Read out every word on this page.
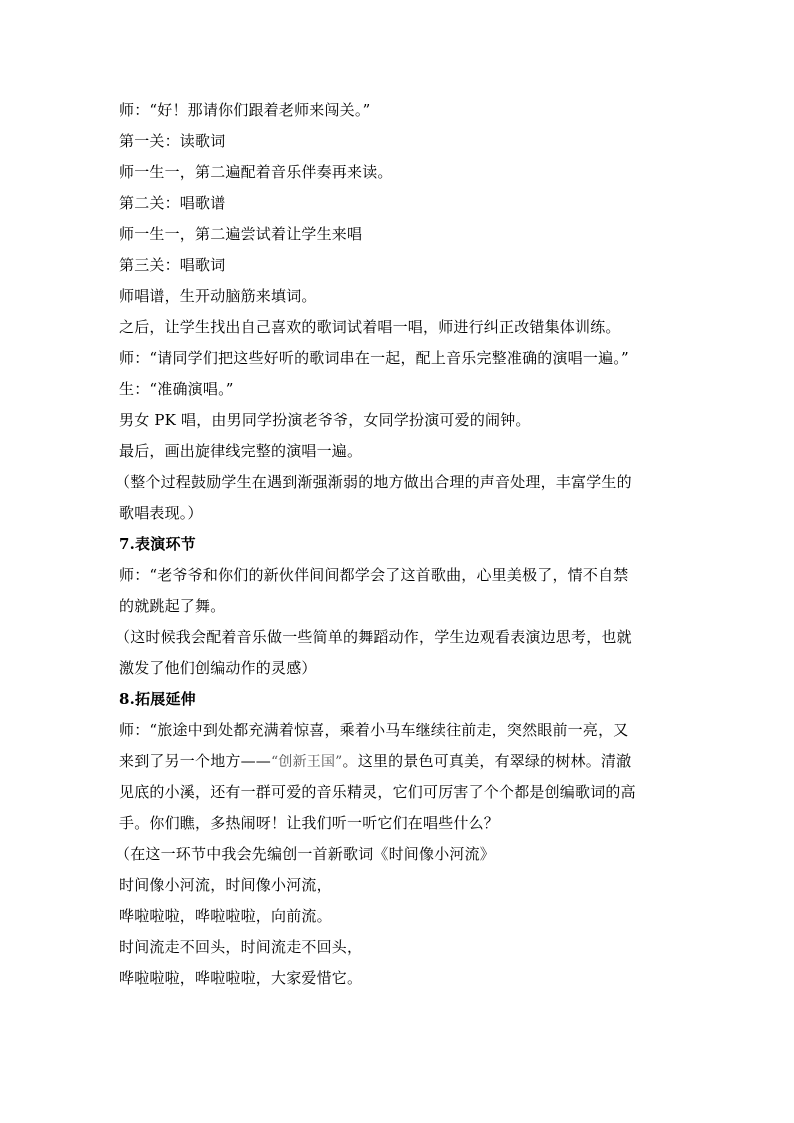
师：“好！那请你们跟着老师来闯关。”
第一关：读歌词
师一生一，第二遍配着音乐伴奏再来读。
第二关：唱歌谱
师一生一，第二遍尝试着让学生来唱
第三关：唱歌词
师唱谱，生开动脑筋来填词。
之后，让学生找出自己喜欢的歌词试着唱一唱，师进行纠正改错集体训练。
师：“请同学们把这些好听的歌词串在一起，配上音乐完整准确的演唱一遍。”
生：“准确演唱。”
男女 PK 唱，由男同学扮演老爷爷，女同学扮演可爱的闹钟。
最后，画出旋律线完整的演唱一遍。
（整个过程鼓励学生在遇到渐强渐弱的地方做出合理的声音处理，丰富学生的
歌唱表现。）
7.表演环节
师：“老爷爷和你们的新伙伴间间都学会了这首歌曲，心里美极了，情不自禁
的就跳起了舞。
（这时候我会配着音乐做一些简单的舞蹈动作，学生边观看表演边思考，也就
激发了他们创编动作的灵感）
8.拓展延伸
师：“旅途中到处都充满着惊喜，乘着小马车继续往前走，突然眼前一亮，又
来到了另一个地方——“创新王国”。这里的景色可真美，有翠绿的树林。清澈
见底的小溪，还有一群可爱的音乐精灵，它们可厉害了个个都是创编歌词的高
手。你们瞧，多热闹呀！让我们听一听它们在唱些什么？
（在这一环节中我会先编创一首新歌词《时间像小河流》
时间像小河流，时间像小河流，
哗啦啦啦，哗啦啦啦，向前流。
时间流走不回头，时间流走不回头，
哗啦啦啦，哗啦啦啦，大家爱惜它。
